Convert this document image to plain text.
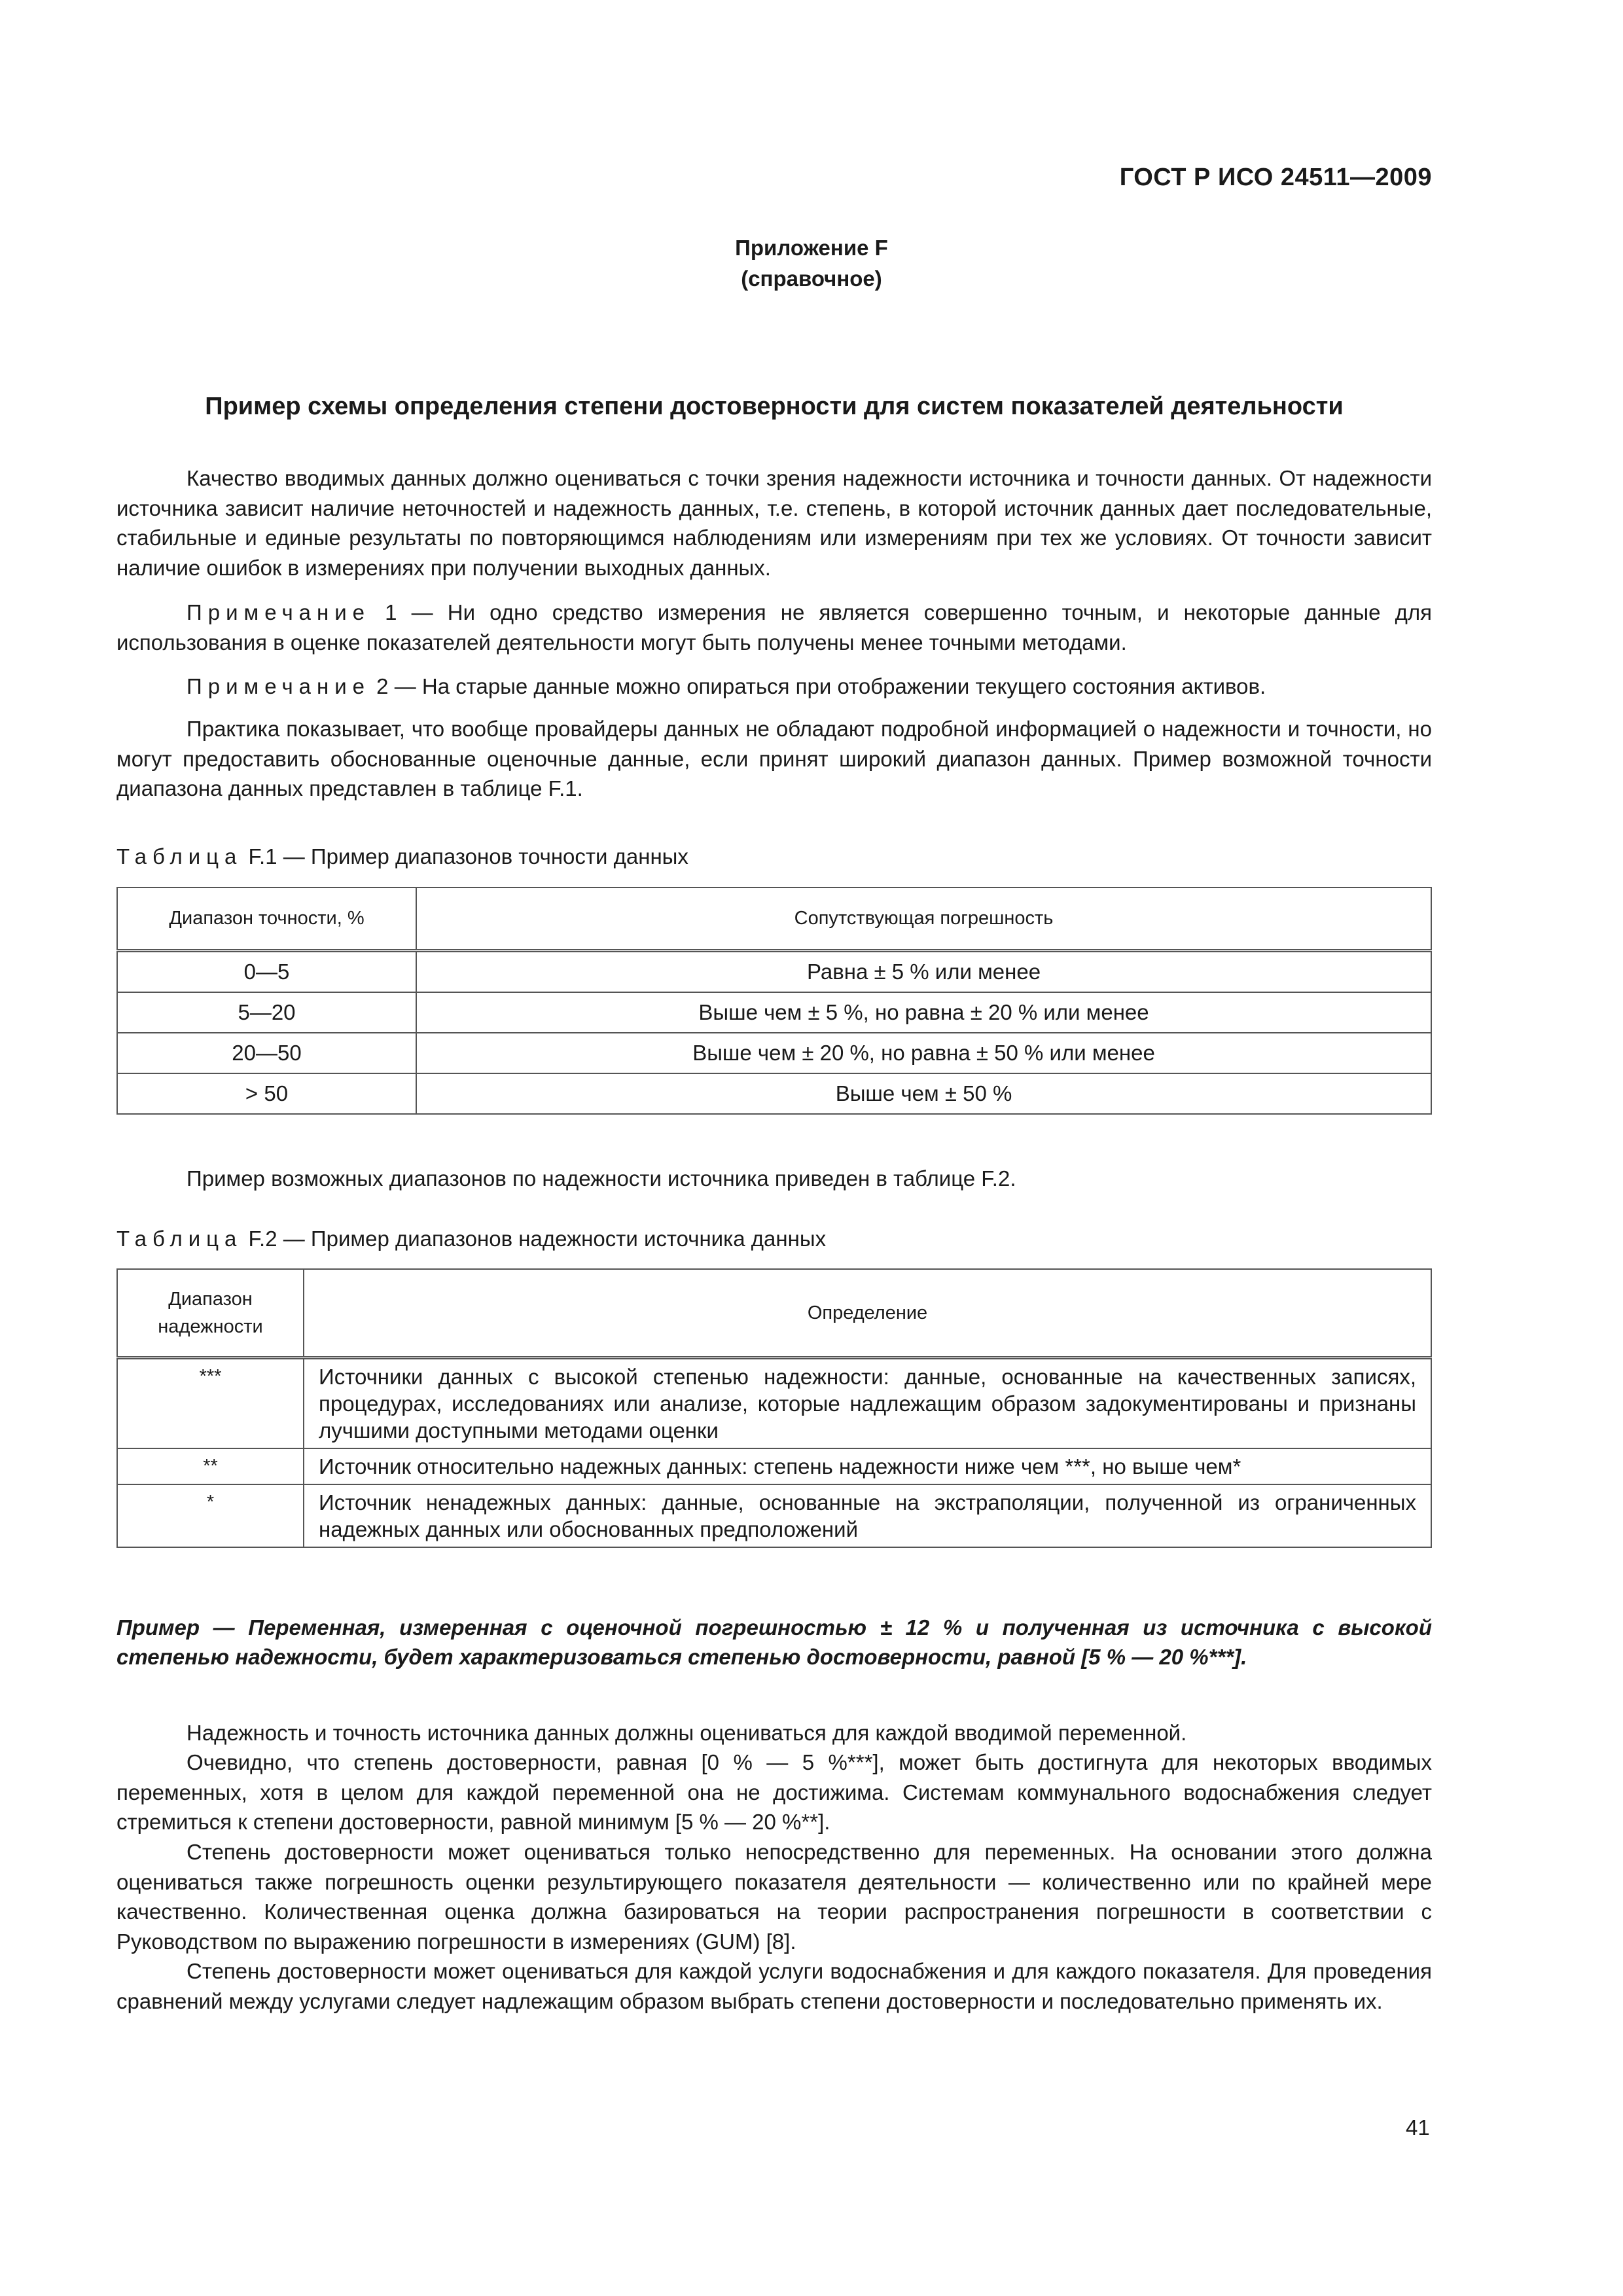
ГОСТ Р ИСО 24511—2009
Приложение F
(справочное)
Пример схемы определения степени достоверности для систем показателей деятельности

Качество вводимых данных должно оцениваться с точки зрения надежности источника и точности данных. От надежности источника зависит наличие неточностей и надежность данных, т.е. степень, в которой источник данных дает последовательные, стабильные и единые результаты по повторяющимся наблюдениям или измерениям при тех же условиях. От точности зависит наличие ошибок в измерениях при получении выходных данных.

Примечание 1 — Ни одно средство измерения не является совершенно точным, и некоторые данные для использования в оценке показателей деятельности могут быть получены менее точными методами.

Примечание 2 — На старые данные можно опираться при отображении текущего состояния активов.

Практика показывает, что вообще провайдеры данных не обладают подробной информацией о надежности и точности, но могут предоставить обоснованные оценочные данные, если принят широкий диапазон данных. Пример возможной точности диапазона данных представлен в таблице F.1.

Таблица F.1 — Пример диапазонов точности данных
Диапазон точности, %	Сопутствующая погрешность
0—5	Равна ± 5 % или менее
5—20	Выше чем ± 5 %, но равна ± 20 % или менее
20—50	Выше чем ± 20 %, но равна ± 50 % или менее
> 50	Выше чем ± 50 %

Пример возможных диапазонов по надежности источника приведен в таблице F.2.

Таблица F.2 — Пример диапазонов надежности источника данных
Диапазон надежности	Определение
***	Источники данных с высокой степенью надежности: данные, основанные на качественных записях, процедурах, исследованиях или анализе, которые надлежащим образом задокументированы и признаны лучшими доступными методами оценки
**	Источник относительно надежных данных: степень надежности ниже чем ***, но выше чем*
*	Источник ненадежных данных: данные, основанные на экстраполяции, полученной из ограниченных надежных данных или обоснованных предположений

Пример — Переменная, измеренная с оценочной погрешностью ± 12 % и полученная из источника с высокой степенью надежности, будет характеризоваться степенью достоверности, равной [5 % — 20 %***].

Надежность и точность источника данных должны оцениваться для каждой вводимой переменной.

Очевидно, что степень достоверности, равная [0 % — 5 %***], может быть достигнута для некоторых вводимых переменных, хотя в целом для каждой переменной она не достижима. Системам коммунального водоснабжения следует стремиться к степени достоверности, равной минимум [5 % — 20 %**].

Степень достоверности может оцениваться только непосредственно для переменных. На основании этого должна оцениваться также погрешность оценки результирующего показателя деятельности — количественно или по крайней мере качественно. Количественная оценка должна базироваться на теории распространения погрешности в соответствии с Руководством по выражению погрешности в измерениях (GUM) [8].

Степень достоверности может оцениваться для каждой услуги водоснабжения и для каждого показателя. Для проведения сравнений между услугами следует надлежащим образом выбрать степени достоверности и последовательно применять их.

41
